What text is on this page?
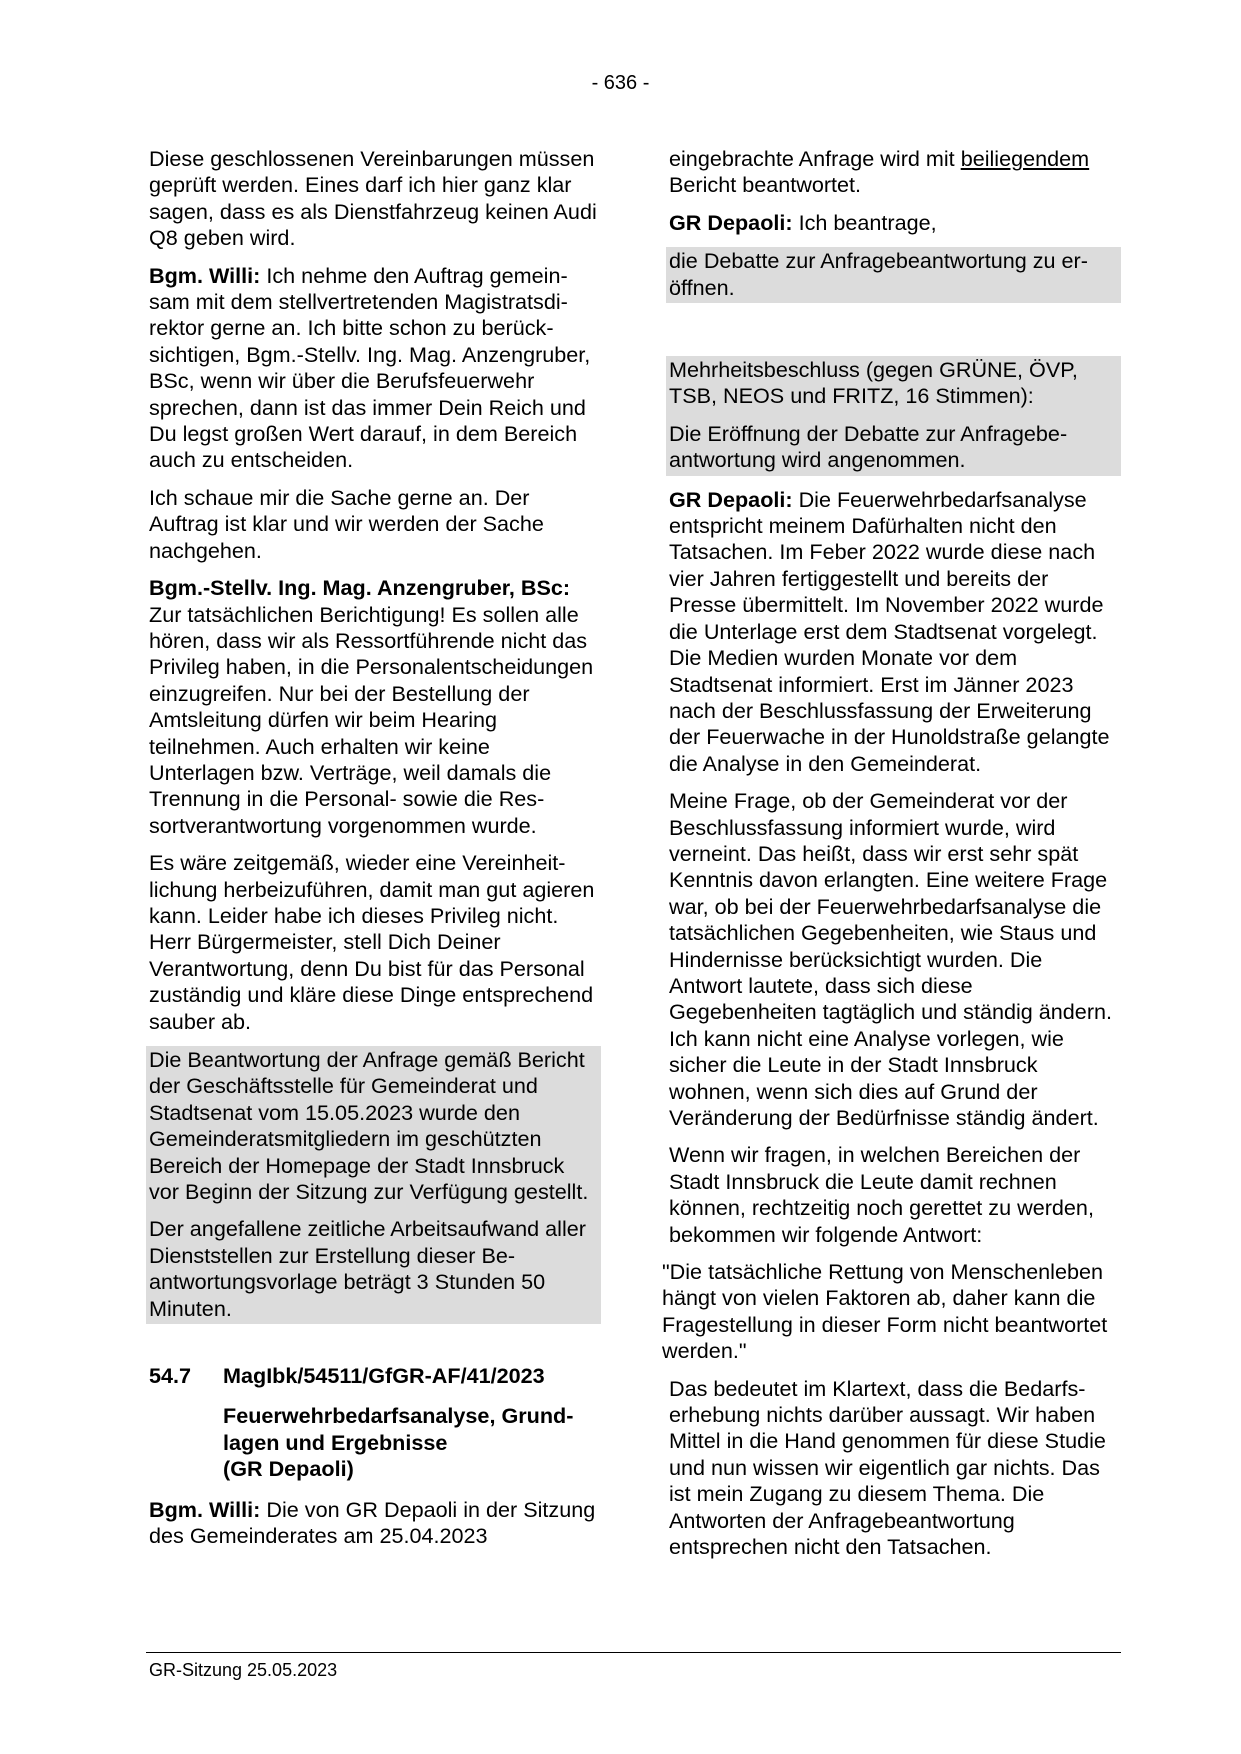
- 636 -

Diese geschlossenen Vereinbarungen müssen geprüft werden. Eines darf ich hier ganz klar sagen, dass es als Dienstfahrzeug keinen Audi Q8 geben wird.

Bgm. Willi: Ich nehme den Auftrag gemeinsam mit dem stellvertretenden Magistratsdirektor gerne an. Ich bitte schon zu berücksichtigen, Bgm.-Stellv. Ing. Mag. Anzengruber, BSc, wenn wir über die Berufsfeuerwehr sprechen, dann ist das immer Dein Reich und Du legst großen Wert darauf, in dem Bereich auch zu entscheiden.

Ich schaue mir die Sache gerne an. Der Auftrag ist klar und wir werden der Sache nachgehen.

Bgm.-Stellv. Ing. Mag. Anzengruber, BSc: Zur tatsächlichen Berichtigung! Es sollen alle hören, dass wir als Ressortführende nicht das Privileg haben, in die Personalentscheidungen einzugreifen. Nur bei der Bestellung der Amtsleitung dürfen wir beim Hearing teilnehmen. Auch erhalten wir keine Unterlagen bzw. Verträge, weil damals die Trennung in die Personal- sowie die Ressortverantwortung vorgenommen wurde.

Es wäre zeitgemäß, wieder eine Vereinheitlichung herbeizuführen, damit man gut agieren kann. Leider habe ich dieses Privileg nicht. Herr Bürgermeister, stell Dich Deiner Verantwortung, denn Du bist für das Personal zuständig und kläre diese Dinge entsprechend sauber ab.

Die Beantwortung der Anfrage gemäß Bericht der Geschäftsstelle für Gemeinderat und Stadtsenat vom 15.05.2023 wurde den Gemeinderatsmitgliedern im geschützten Bereich der Homepage der Stadt Innsbruck vor Beginn der Sitzung zur Verfügung gestellt.

Der angefallene zeitliche Arbeitsaufwand aller Dienststellen zur Erstellung dieser Beantwortungsvorlage beträgt 3 Stunden 50 Minuten.

54.7	MagIbk/54511/GfGR-AF/41/2023
Feuerwehrbedarfsanalyse, Grundlagen und Ergebnisse
(GR Depaoli)

Bgm. Willi: Die von GR Depaoli in der Sitzung des Gemeinderates am 25.04.2023

eingebrachte Anfrage wird mit beiliegendem Bericht beantwortet.

GR Depaoli: Ich beantrage,

die Debatte zur Anfragebeantwortung zu eröffnen.

Mehrheitsbeschluss (gegen GRÜNE, ÖVP, TSB, NEOS und FRITZ, 16 Stimmen):

Die Eröffnung der Debatte zur Anfragebeantwortung wird angenommen.

GR Depaoli: Die Feuerwehrbedarfsanalyse entspricht meinem Dafürhalten nicht den Tatsachen. Im Feber 2022 wurde diese nach vier Jahren fertiggestellt und bereits der Presse übermittelt. Im November 2022 wurde die Unterlage erst dem Stadtsenat vorgelegt. Die Medien wurden Monate vor dem Stadtsenat informiert. Erst im Jänner 2023 nach der Beschlussfassung der Erweiterung der Feuerwache in der Hunoldstraße gelangte die Analyse in den Gemeinderat.

Meine Frage, ob der Gemeinderat vor der Beschlussfassung informiert wurde, wird verneint. Das heißt, dass wir erst sehr spät Kenntnis davon erlangten. Eine weitere Frage war, ob bei der Feuerwehrbedarfsanalyse die tatsächlichen Gegebenheiten, wie Staus und Hindernisse berücksichtigt wurden. Die Antwort lautete, dass sich diese Gegebenheiten tagtäglich und ständig ändern. Ich kann nicht eine Analyse vorlegen, wie sicher die Leute in der Stadt Innsbruck wohnen, wenn sich dies auf Grund der Veränderung der Bedürfnisse ständig ändert.

Wenn wir fragen, in welchen Bereichen der Stadt Innsbruck die Leute damit rechnen können, rechtzeitig noch gerettet zu werden, bekommen wir folgende Antwort:

"Die tatsächliche Rettung von Menschenleben hängt von vielen Faktoren ab, daher kann die Fragestellung in dieser Form nicht beantwortet werden."

Das bedeutet im Klartext, dass die Bedarfserhebung nichts darüber aussagt. Wir haben Mittel in die Hand genommen für diese Studie und nun wissen wir eigentlich gar nichts. Das ist mein Zugang zu diesem Thema. Die Antworten der Anfragebeantwortung entsprechen nicht den Tatsachen.

GR-Sitzung 25.05.2023
